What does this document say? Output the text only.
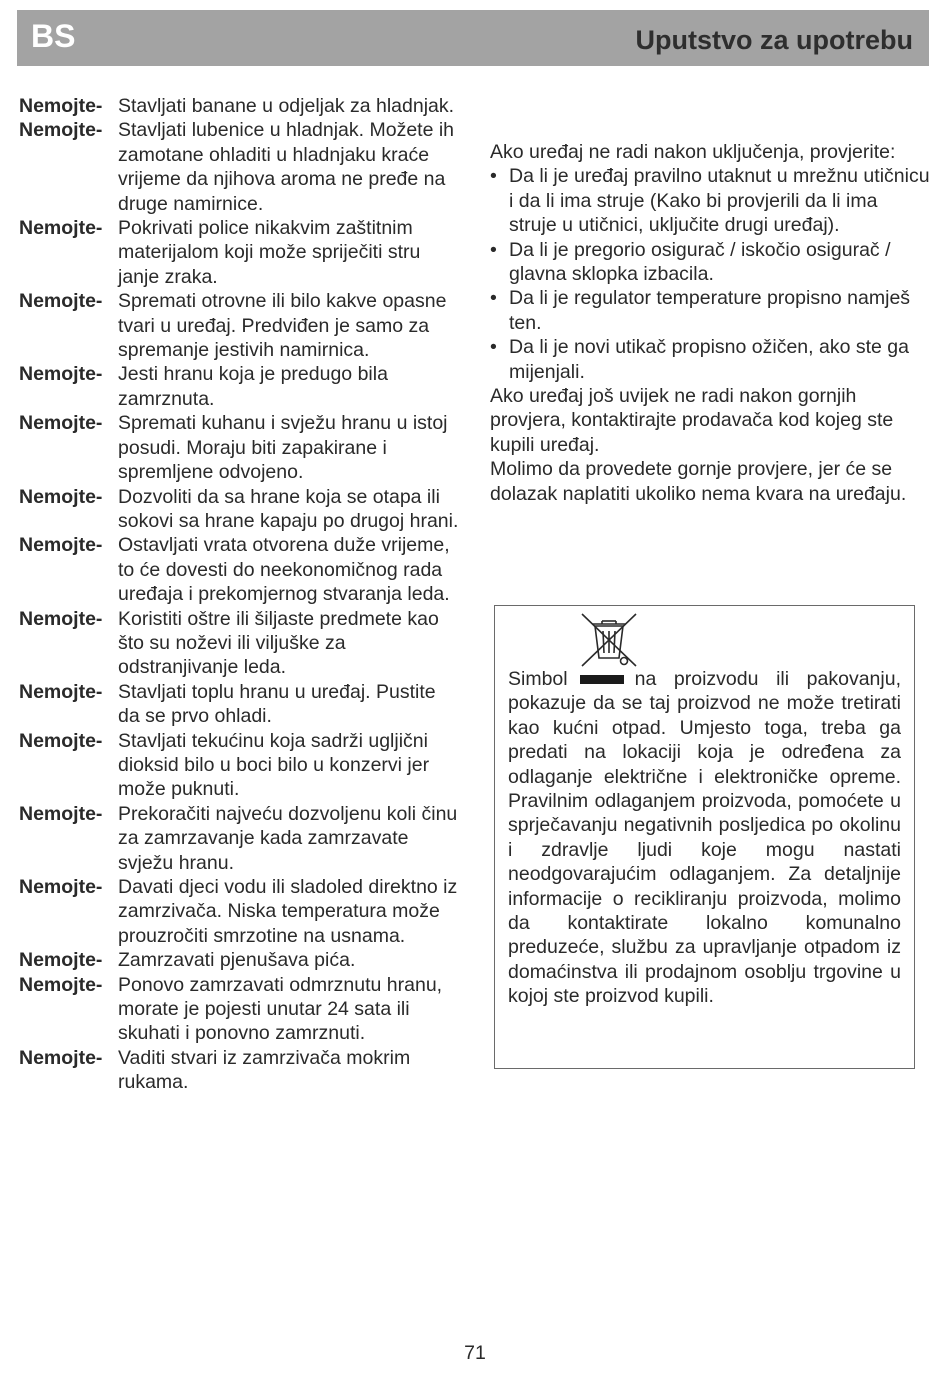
BS	Uputstvo za upotrebu
Nemojte- Stavljati banane u odjeljak za hladnjak.
Nemojte- Stavljati lubenice u hladnjak. Možete ih zamotane ohladiti u hladnjaku kraće vrijeme da njihova aroma ne pređe na druge namirnice.
Nemojte- Pokrivati police nikakvim zaštitnim materijalom koji može spriječiti stru janje zraka.
Nemojte- Spremati otrovne ili bilo kakve opasne tvari u uređaj. Predviđen je samo za spremanje jestivih namirnica.
Nemojte- Jesti hranu koja je predugo bila zamrznuta.
Nemojte- Spremati kuhanu i svježu hranu u istoj posudi. Moraju biti zapakirane i spremljene odvojeno.
Nemojte- Dozvoliti da sa hrane koja se otapa ili sokovi sa hrane kapaju po drugoj hrani.
Nemojte- Ostavljati vrata otvorena duže vrijeme, to će dovesti do neekonomičnog rada uređaja i prekomjernog stvaranja leda.
Nemojte- Koristiti oštre ili šiljaste predmete kao što su noževi ili viljuške za odstranjivanje leda.
Nemojte- Stavljati toplu hranu u uređaj. Pustite da se prvo ohladi.
Nemojte- Stavljati tekućinu koja sadrži ugljični dioksid bilo u boci bilo u konzervi jer može puknuti.
Nemojte- Prekoračiti najveću dozvoljenu koli činu za zamrzavanje kada zamrzavate svježu hranu.
Nemojte- Davati djeci vodu ili sladoled direktno iz zamrzivača. Niska temperatura može prouzročiti smrzotine na usnama.
Nemojte- Zamrzavati pjenušava pića.
Nemojte- Ponovo zamrzavati odmrznutu hranu, morate je pojesti unutar 24 sata ili skuhati i ponovno zamrznuti.
Nemojte- Vaditi stvari iz zamrzivača mokrim rukama.

Ako uređaj ne radi nakon uključenja, provjerite:

• Da li je uređaj pravilno utaknut u mrežnu utičnicu i da li ima struje (Kako bi provjerili da li ima struje u utičnici, uključite drugi uređaj).
• Da li je pregorio osigurač / iskočio osigurač / glavna sklopka izbacila.
• Da li je regulator temperature propisno namješ ten.
• Da li je novi utikač propisno ožičen, ako ste ga mijenjali.

Ako uređaj još uvijek ne radi nakon gornjih provjera, kontaktirajte prodavača kod kojeg ste kupili uređaj.

Molimo da provedete gornje provjere, jer će se dolazak naplatiti ukoliko nema kvara na uređaju.

Simbol	na proizvodu ili pakovanju, pokazuje da se taj proizvod ne može tretirati kao kućni otpad. Umjesto toga, treba ga predati na lokaciji koja je određena za odlaganje električne i elektroničke opreme. Pravilnim odlaganjem proizvoda, pomoćete u sprječavanju negativnih posljedica po okolinu i zdravlje ljudi koje mogu nastati neodgovarajućim odlaganjem. Za detaljnije informacije o recikliranju proizvoda, molimo da kontaktirate lokalno komunalno preduzeće, službu za upravljanje otpadom iz domaćinstva ili prodajnom osoblju trgovine u kojoj ste proizvod kupili.
71
